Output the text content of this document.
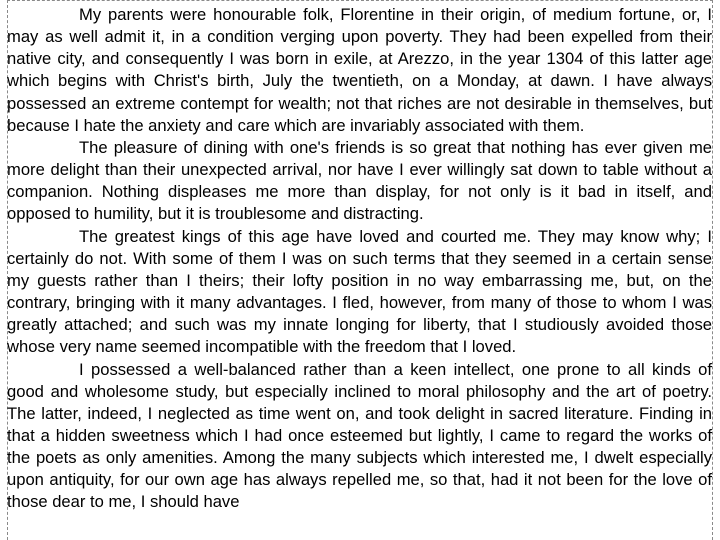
My parents were honourable folk, Florentine in their origin, of medium fortune, or, I may as well admit it, in a condition verging upon poverty. They had been expelled from their native city, and consequently I was born in exile, at Arezzo, in the year 1304 of this latter age which begins with Christ's birth, July the twentieth, on a Monday, at dawn. I have always possessed an extreme contempt for wealth; not that riches are not desirable in themselves, but because I hate the anxiety and care which are invariably associated with them.

The pleasure of dining with one's friends is so great that nothing has ever given me more delight than their unexpected arrival, nor have I ever willingly sat down to table without a companion. Nothing displeases me more than display, for not only is it bad in itself, and opposed to humility, but it is troublesome and distracting.

The greatest kings of this age have loved and courted me. They may know why; I certainly do not. With some of them I was on such terms that they seemed in a certain sense my guests rather than I theirs; their lofty position in no way embarrassing me, but, on the contrary, bringing with it many advantages. I fled, however, from many of those to whom I was greatly attached; and such was my innate longing for liberty, that I studiously avoided those whose very name seemed incompatible with the freedom that I loved.

I possessed a well-balanced rather than a keen intellect, one prone to all kinds of good and wholesome study, but especially inclined to moral philosophy and the art of poetry. The latter, indeed, I neglected as time went on, and took delight in sacred literature. Finding in that a hidden sweetness which I had once esteemed but lightly, I came to regard the works of the poets as only amenities. Among the many subjects which interested me, I dwelt especially upon antiquity, for our own age has always repelled me, so that, had it not been for the love of those dear to me, I should have
